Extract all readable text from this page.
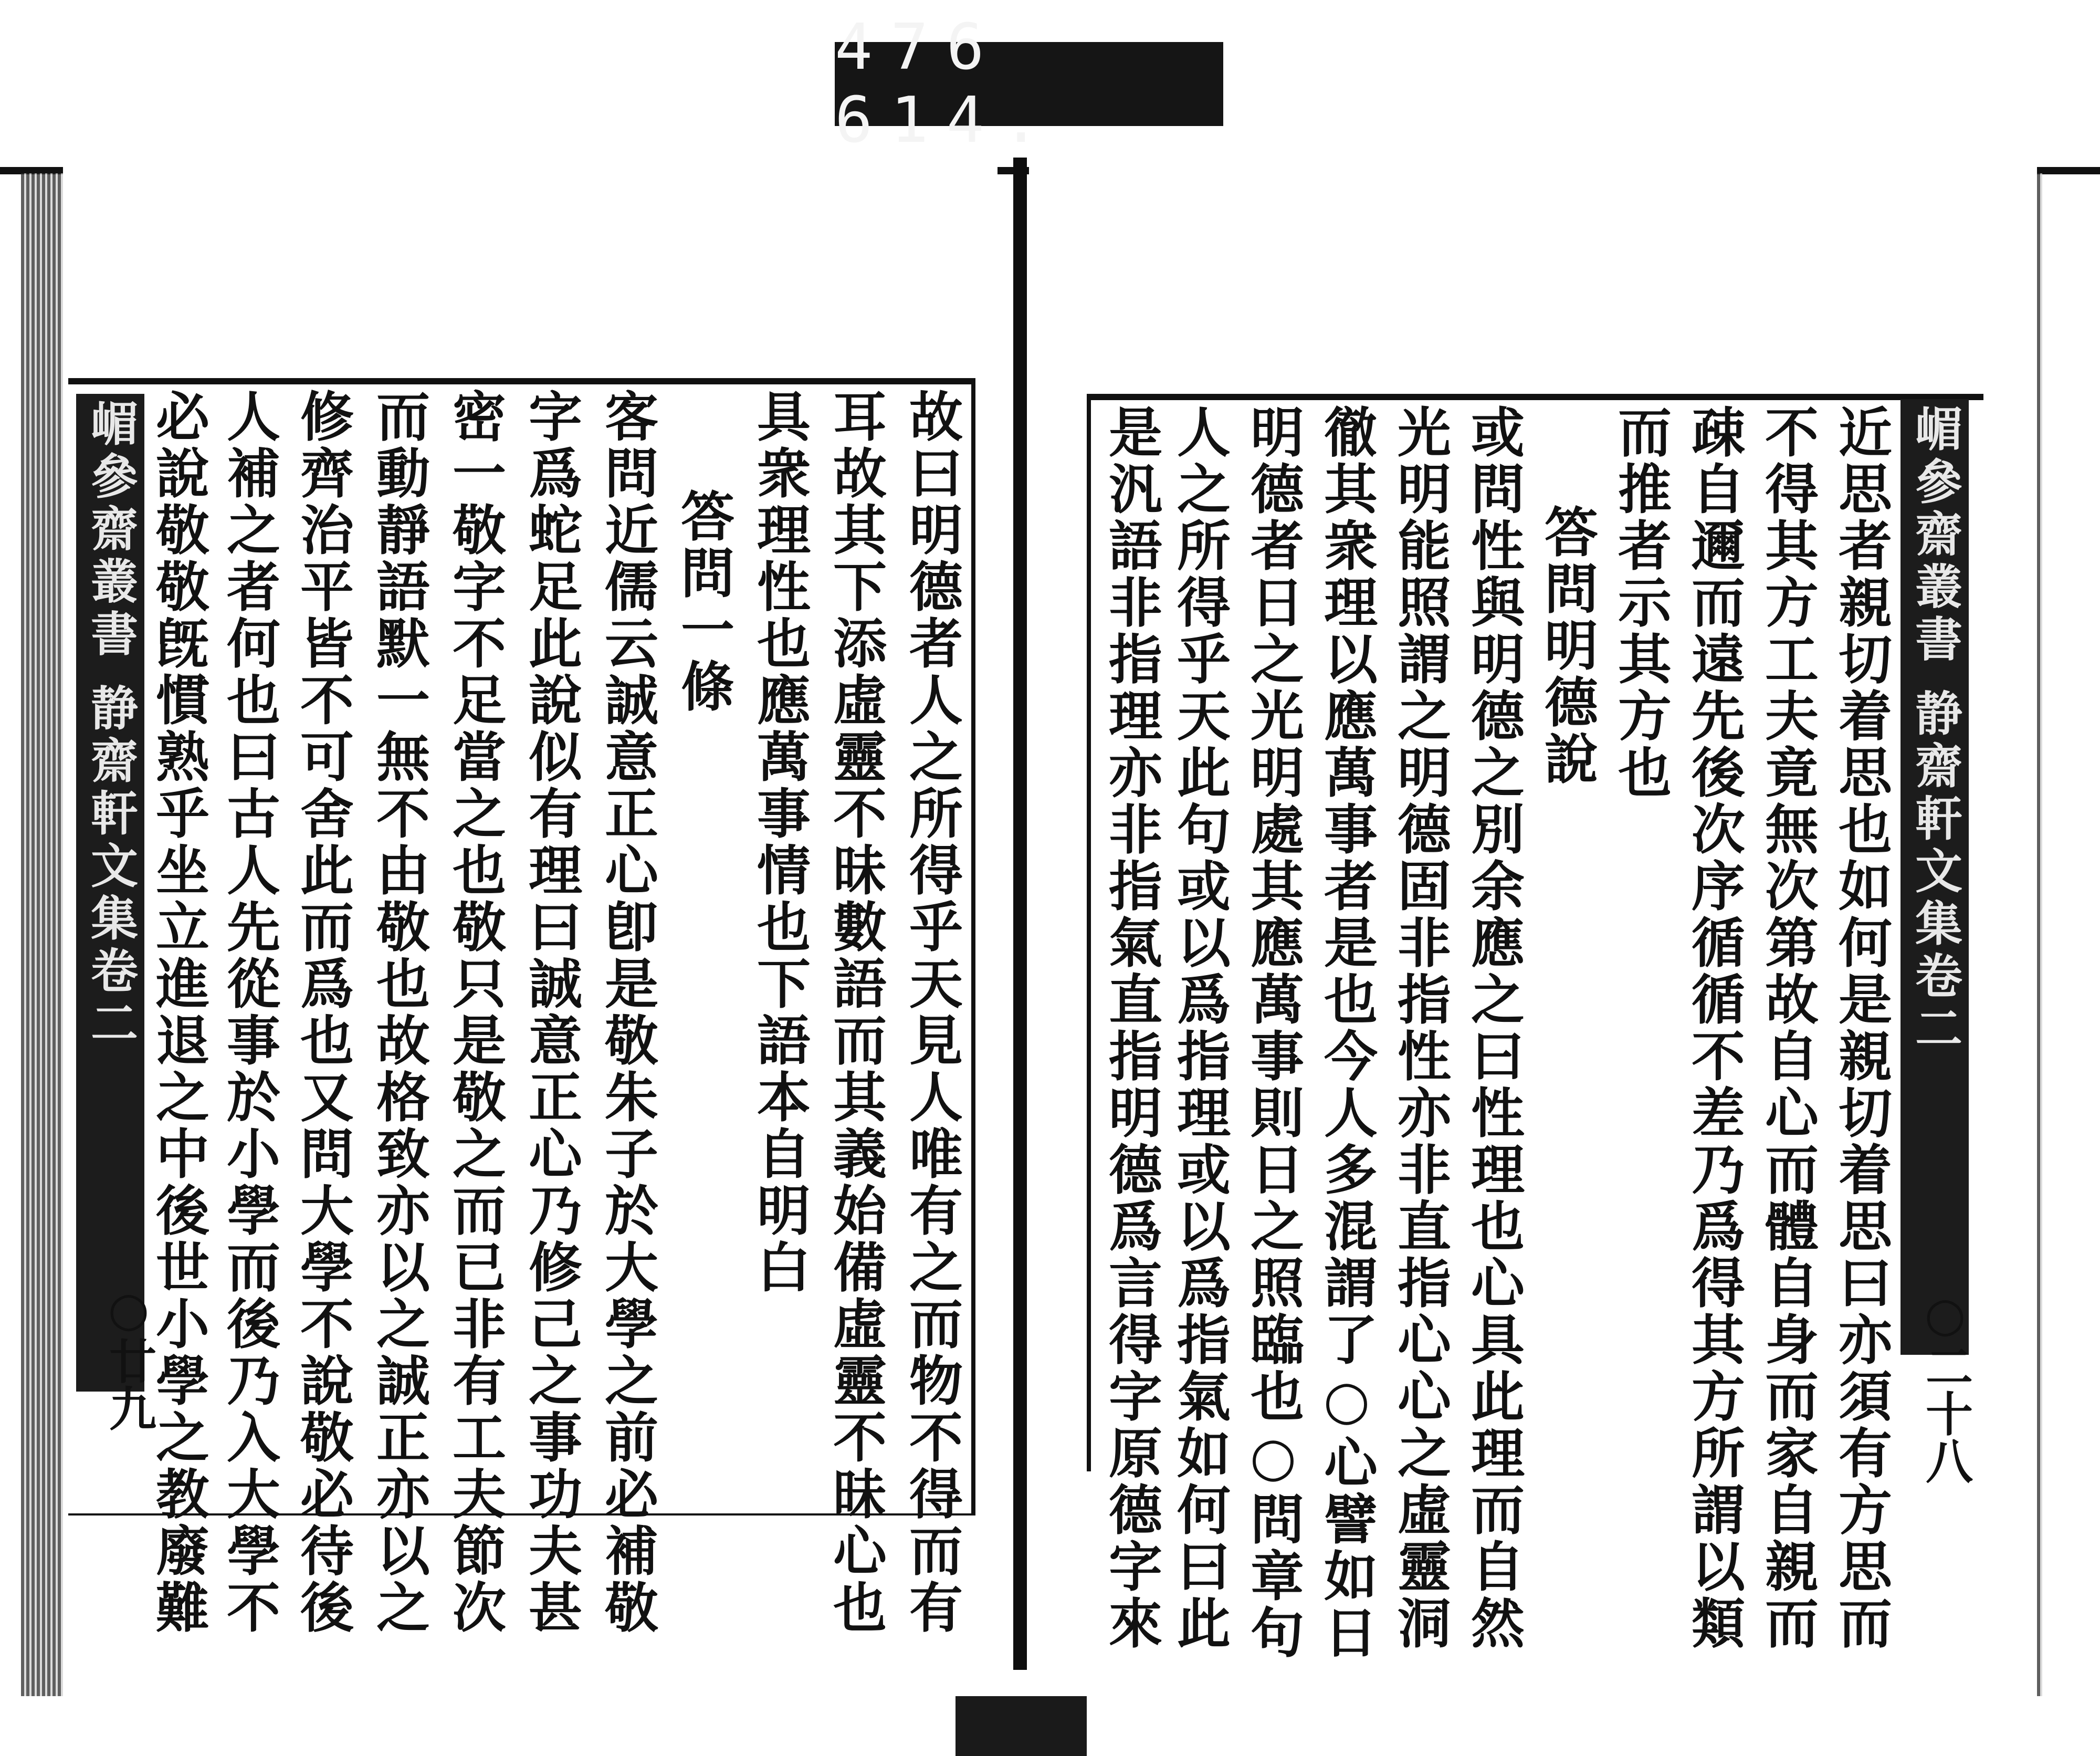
476 614.
嵋參齋叢書 静齋軒文集卷二
○廿九	故曰明德者人之所得乎天見人唯有之而物不得而有
耳故其下添虛靈不昧數語而其義始備虛靈不昧心也
具衆理性也應萬事情也下語本自明白
答問一條
客問近儒云誠意正心卽是敬朱子於大學之前必補敬
字爲蛇足此說似有理曰誠意正心乃修己之事功夫甚
密一敬字不足當之也敬只是敬之而已非有工夫節次
而動靜語默一無不由敬也故格致亦以之誠正亦以之
修齊治平皆不可舍此而爲也又問大學不說敬必待後
人補之者何也曰古人先從事於小學而後乃入大學不
必說敬敬旣慣熟乎坐立進退之中後世小學之教廢難	嵋參齋叢書 静齋軒文集卷二
○二十八
近思者親切着思也如何是親切着思曰亦須有方思而
不得其方工夫竟無次第故自心而體自身而家自親而
疎自邇而遠先後次序循循不差乃爲得其方所謂以類
而推者示其方也
答問明德說
或問性與明德之別余應之曰性理也心具此理而自然
光明能照謂之明德固非指性亦非直指心心之虛靈洞
徹其衆理以應萬事者是也今人多混謂了○心譬如日
明德者日之光明處其應萬事則日之照臨也○問章句
人之所得乎天此句或以爲指理或以爲指氣如何曰此
是汎語非指理亦非指氣直指明德爲言得字原德字來
